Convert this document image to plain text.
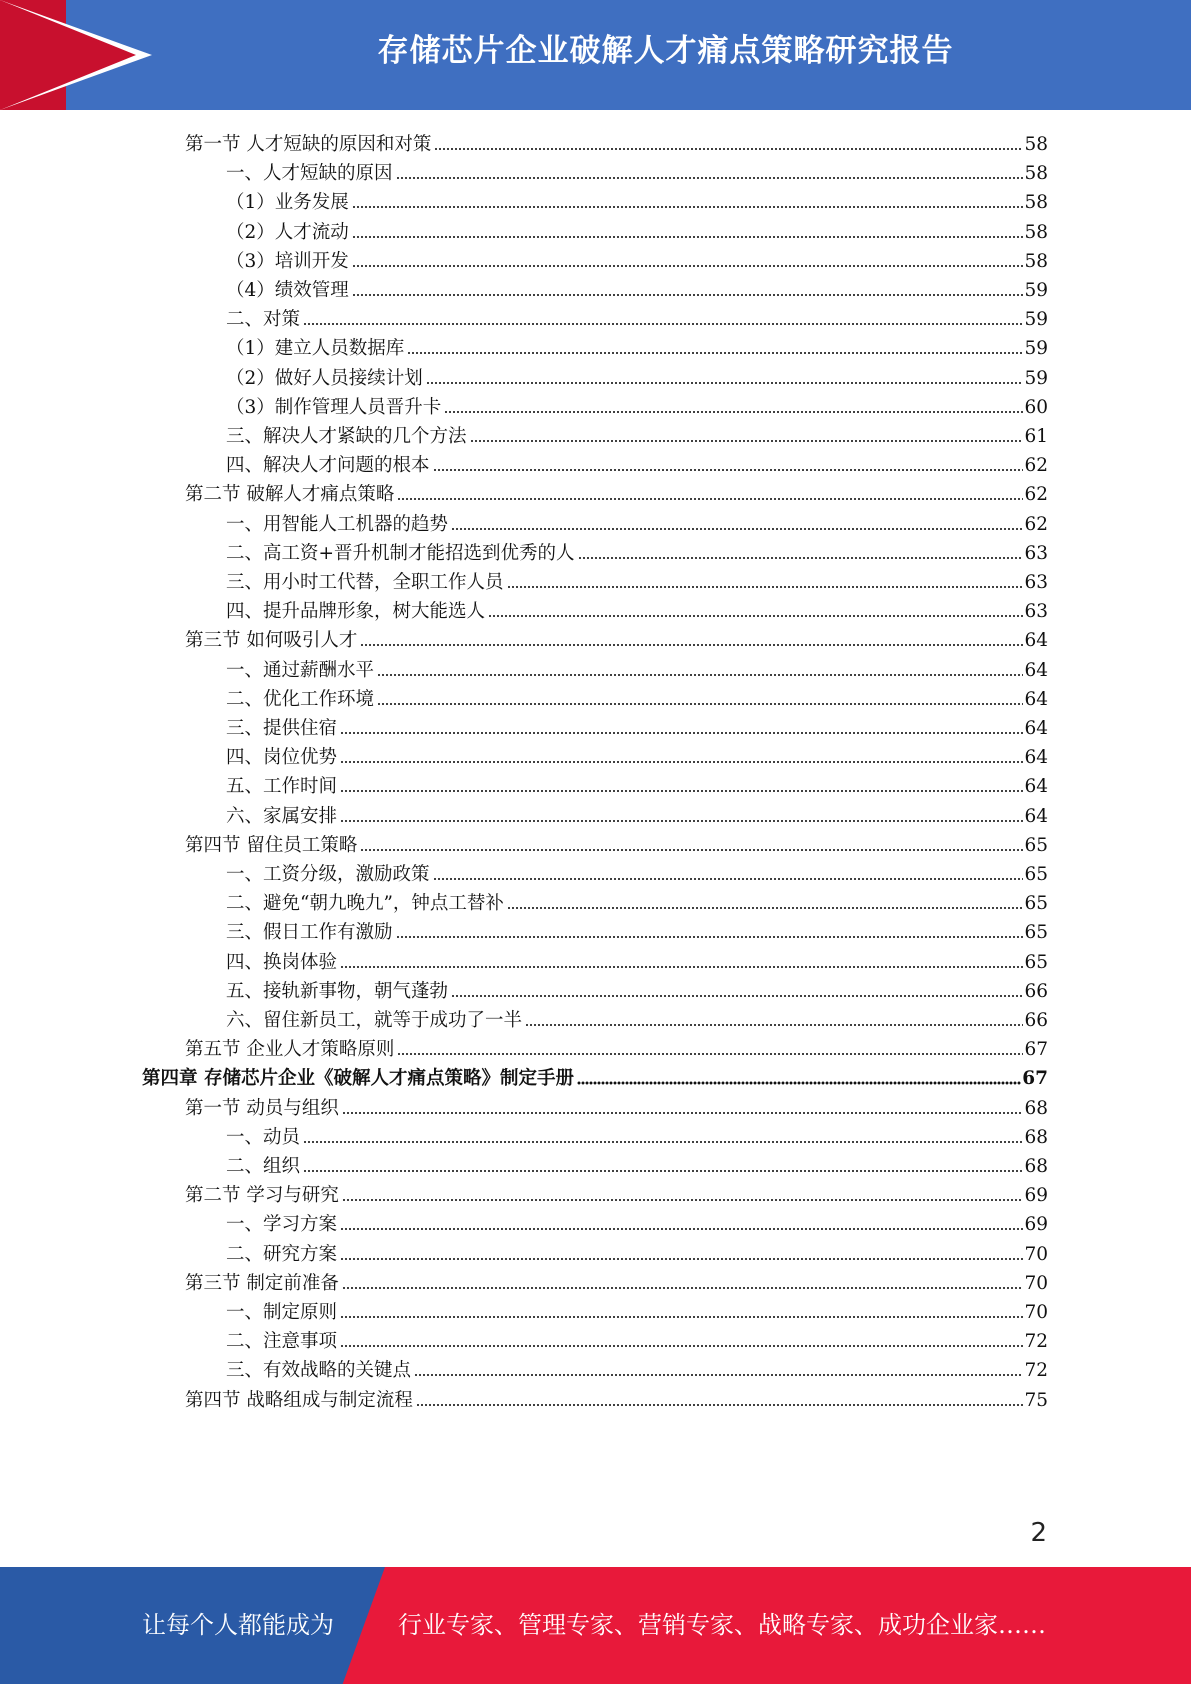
存储芯片企业破解人才痛点策略研究报告
第一节 人才短缺的原因和对策	58
一、人才短缺的原因	58
（1）业务发展	58
（2）人才流动	58
（3）培训开发	58
（4）绩效管理	59
二、对策	59
（1）建立人员数据库	59
（2）做好人员接续计划	59
（3）制作管理人员晋升卡	60
三、解决人才紧缺的几个方法	61
四、解决人才问题的根本	62
第二节 破解人才痛点策略	62
一、用智能人工机器的趋势	62
二、高工资+晋升机制才能招选到优秀的人	63
三、用小时工代替，全职工作人员	63
四、提升品牌形象，树大能选人	63
第三节 如何吸引人才	64
一、通过薪酬水平	64
二、优化工作环境	64
三、提供住宿	64
四、岗位优势	64
五、工作时间	64
六、家属安排	64
第四节 留住员工策略	65
一、工资分级，激励政策	65
二、避免“朝九晚九”，钟点工替补	65
三、假日工作有激励	65
四、换岗体验	65
五、接轨新事物，朝气蓬勃	66
六、留住新员工，就等于成功了一半	66
第五节 企业人才策略原则	67
第四章 存储芯片企业《破解人才痛点策略》制定手册	67
第一节 动员与组织	68
一、动员	68
二、组织	68
第二节 学习与研究	69
一、学习方案	69
二、研究方案	70
第三节 制定前准备	70
一、制定原则	70
二、注意事项	72
三、有效战略的关键点	72
第四节 战略组成与制定流程	75
2
让每个人都能成为	行业专家、管理专家、营销专家、战略专家、成功企业家……
